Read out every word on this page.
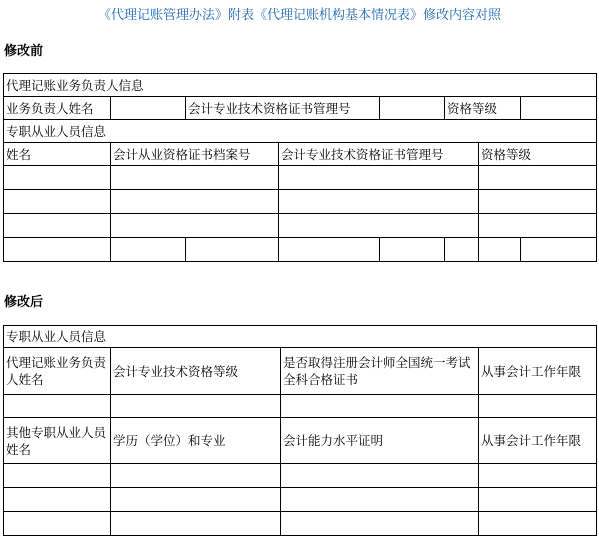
《代理记账管理办法》附表《代理记账机构基本情况表》修改内容对照
修改前
代理记账业务负责人信息							
业务负责人姓名		会计专业技术资格证书管理号			资格等级		
专职从业人员信息							
姓名	会计从业资格证书档案号		会计专业技术资格证书管理号			资格等级	

修改后
专职从业人员信息			
代理记账业务负责人姓名	会计专业技术资格等级	是否取得注册会计师全国统一考试全科合格证书	从事会计工作年限

其他专职从业人员姓名	学历（学位）和专业	会计能力水平证明	从事会计工作年限
